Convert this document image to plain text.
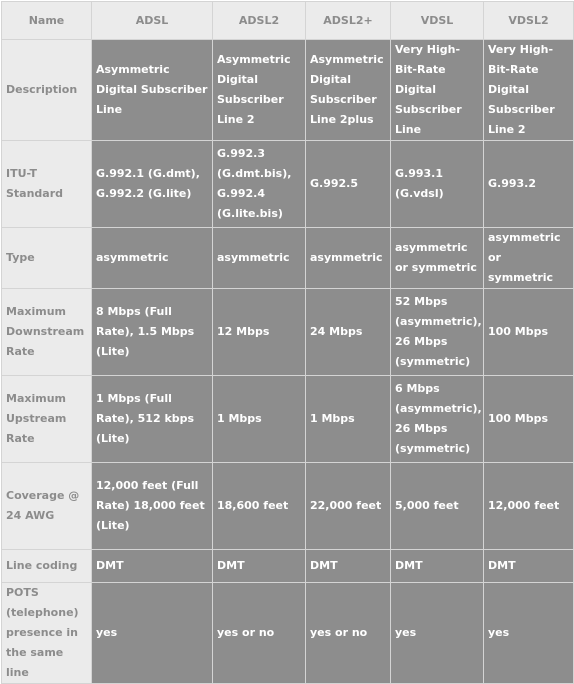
Name	ADSL	ADSL2	ADSL2+	VDSL	VDSL2
Description	Asymmetric Digital Subscriber Line	Asymmetric Digital Subscriber Line 2	Asymmetric Digital Subscriber Line 2plus	Very High-Bit-Rate Digital Subscriber Line	Very High-Bit-Rate Digital Subscriber Line 2
ITU-T Standard	G.992.1 (G.dmt), G.992.2 (G.lite)	G.992.3 (G.dmt.bis), G.992.4 (G.lite.bis)	G.992.5	G.993.1 (G.vdsl)	G.993.2
Type	asymmetric	asymmetric	asymmetric	asymmetric or symmetric	asymmetric or symmetric
Maximum Downstream Rate	8 Mbps (Full Rate), 1.5 Mbps (Lite)	12 Mbps	24 Mbps	52 Mbps (asymmetric), 26 Mbps (symmetric)	100 Mbps
Maximum Upstream Rate	1 Mbps (Full Rate), 512 kbps (Lite)	1 Mbps	1 Mbps	6 Mbps (asymmetric), 26 Mbps (symmetric)	100 Mbps
Coverage @ 24 AWG	12,000 feet (Full Rate) 18,000 feet (Lite)	18,600 feet	22,000 feet	5,000 feet	12,000 feet
Line coding	DMT	DMT	DMT	DMT	DMT
POTS (telephone) presence in the same line	yes	yes or no	yes or no	yes	yes
